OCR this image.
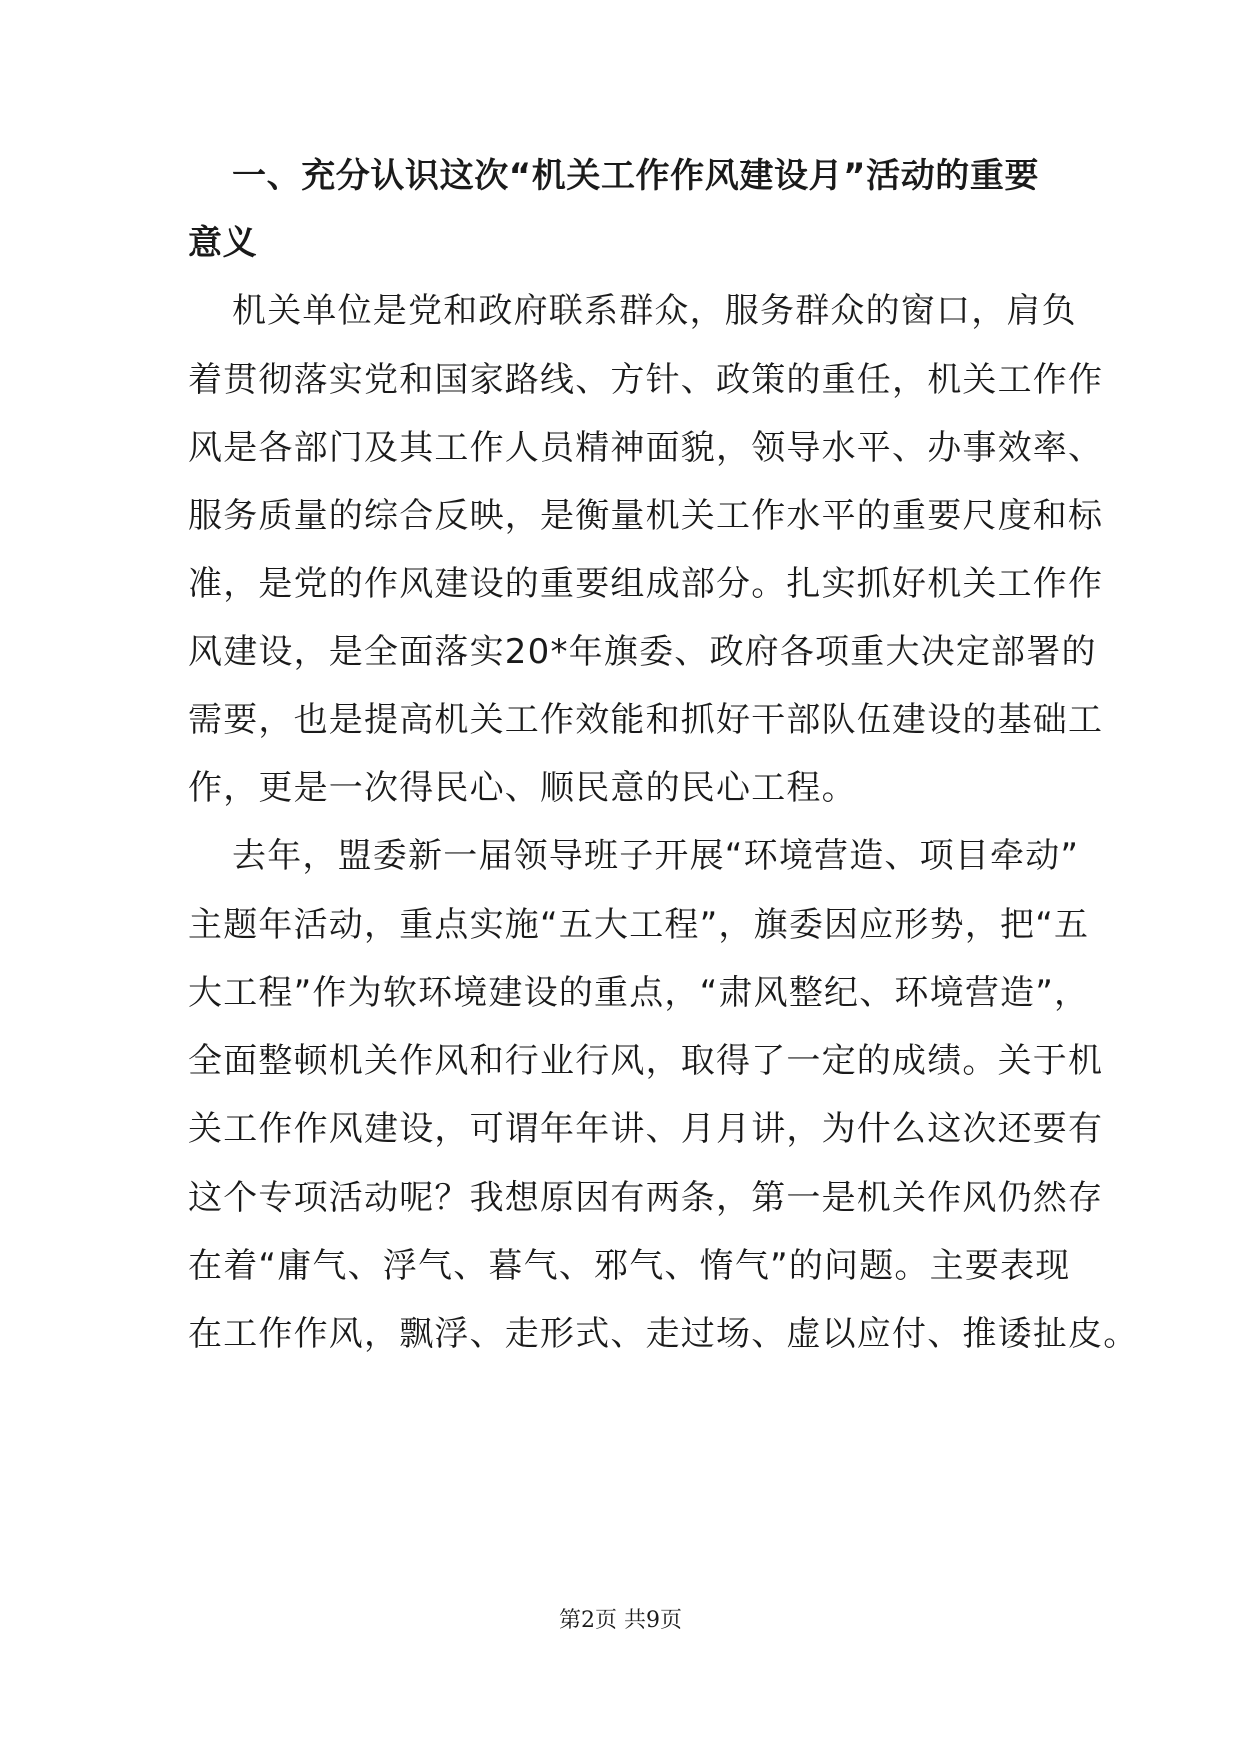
一、充分认识这次“机关工作作风建设月”活动的重要
意义
机关单位是党和政府联系群众，服务群众的窗口，肩负
着贯彻落实党和国家路线、方针、政策的重任，机关工作作
风是各部门及其工作人员精神面貌，领导水平、办事效率、
服务质量的综合反映，是衡量机关工作水平的重要尺度和标
准，是党的作风建设的重要组成部分。扎实抓好机关工作作
风建设，是全面落实20*年旗委、政府各项重大决定部署的
需要，也是提高机关工作效能和抓好干部队伍建设的基础工
作，更是一次得民心、顺民意的民心工程。
去年，盟委新一届领导班子开展“环境营造、项目牵动”
主题年活动，重点实施“五大工程”，旗委因应形势，把“五
大工程”作为软环境建设的重点，“肃风整纪、环境营造”，
全面整顿机关作风和行业行风，取得了一定的成绩。关于机
关工作作风建设，可谓年年讲、月月讲，为什么这次还要有
这个专项活动呢？我想原因有两条，第一是机关作风仍然存
在着“庸气、浮气、暮气、邪气、惰气”的问题。主要表现
在工作作风，飘浮、走形式、走过场、虚以应付、推诿扯皮。
第2页 共9页
